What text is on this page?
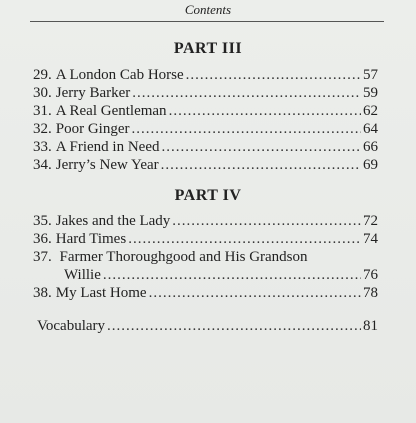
Contents
PART III
29. A London Cab Horse .....	57
30. Jerry Barker .....	59
31. A Real Gentleman .....	62
32. Poor Ginger .....	64
33. A Friend in Need .....	66
34. Jerry’s New Year .....	69
PART IV
35. Jakes and the Lady .....	72
36. Hard Times .....	74
37. Farmer Thoroughgood and His Grandson
Willie .....	76
38. My Last Home .....	78
Vocabulary .....	81
